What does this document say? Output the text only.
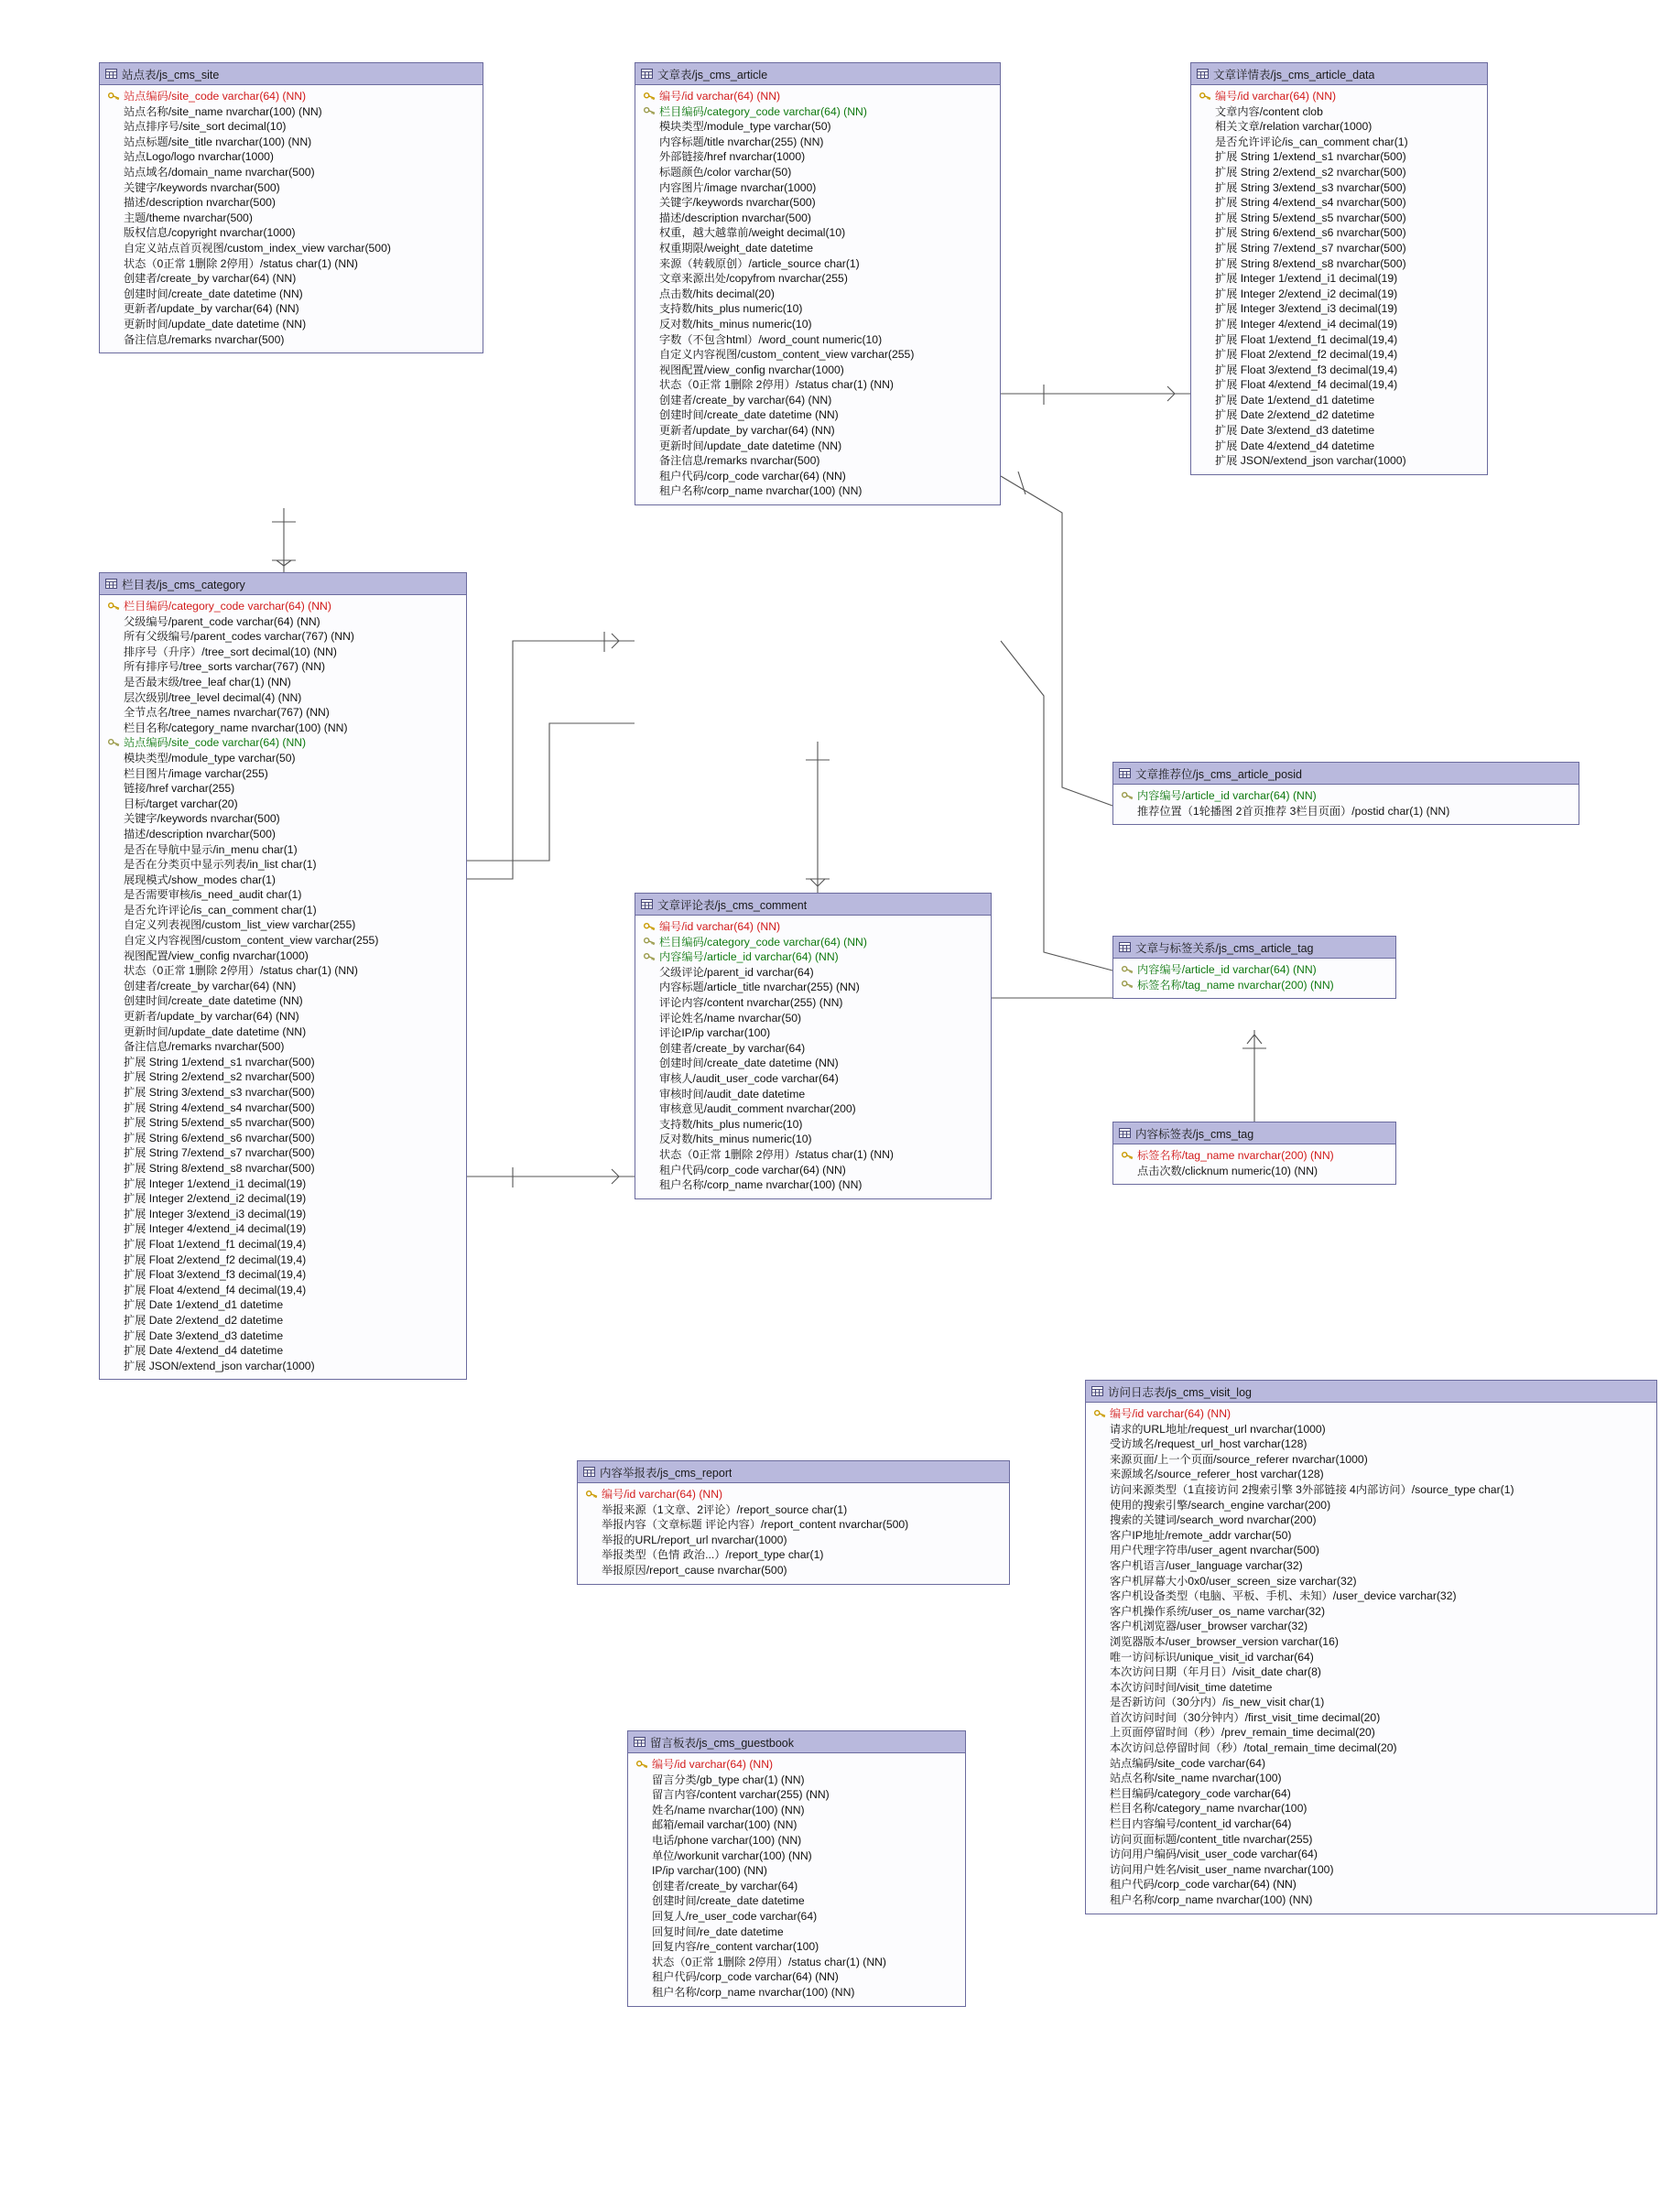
站点表/js_cms_site
站点编码/site_code varchar(64) (NN)
站点名称/site_name nvarchar(100) (NN)
站点排序号/site_sort decimal(10)
站点标题/site_title nvarchar(100) (NN)
站点Logo/logo nvarchar(1000)
站点域名/domain_name nvarchar(500)
关键字/keywords nvarchar(500)
描述/description nvarchar(500)
主题/theme nvarchar(500)
版权信息/copyright nvarchar(1000)
自定义站点首页视图/custom_index_view varchar(500)
状态（0正常 1删除 2停用）/status char(1) (NN)
创建者/create_by varchar(64) (NN)
创建时间/create_date datetime (NN)
更新者/update_by varchar(64) (NN)
更新时间/update_date datetime (NN)
备注信息/remarks nvarchar(500)
栏目表/js_cms_category
栏目编码/category_code varchar(64) (NN)
父级编号/parent_code varchar(64) (NN)
所有父级编号/parent_codes varchar(767) (NN)
排序号（升序）/tree_sort decimal(10) (NN)
所有排序号/tree_sorts varchar(767) (NN)
是否最末级/tree_leaf char(1) (NN)
层次级别/tree_level decimal(4) (NN)
全节点名/tree_names nvarchar(767) (NN)
栏目名称/category_name nvarchar(100) (NN)
站点编码/site_code varchar(64) (NN)
模块类型/module_type varchar(50)
栏目图片/image varchar(255)
链接/href varchar(255)
目标/target varchar(20)
关键字/keywords nvarchar(500)
描述/description nvarchar(500)
是否在导航中显示/in_menu char(1)
是否在分类页中显示列表/in_list char(1)
展现模式/show_modes char(1)
是否需要审核/is_need_audit char(1)
是否允许评论/is_can_comment char(1)
自定义列表视图/custom_list_view varchar(255)
自定义内容视图/custom_content_view varchar(255)
视图配置/view_config nvarchar(1000)
状态（0正常 1删除 2停用）/status char(1) (NN)
创建者/create_by varchar(64) (NN)
创建时间/create_date datetime (NN)
更新者/update_by varchar(64) (NN)
更新时间/update_date datetime (NN)
备注信息/remarks nvarchar(500)
扩展 String 1/extend_s1 nvarchar(500)
扩展 String 2/extend_s2 nvarchar(500)
扩展 String 3/extend_s3 nvarchar(500)
扩展 String 4/extend_s4 nvarchar(500)
扩展 String 5/extend_s5 nvarchar(500)
扩展 String 6/extend_s6 nvarchar(500)
扩展 String 7/extend_s7 nvarchar(500)
扩展 String 8/extend_s8 nvarchar(500)
扩展 Integer 1/extend_i1 decimal(19)
扩展 Integer 2/extend_i2 decimal(19)
扩展 Integer 3/extend_i3 decimal(19)
扩展 Integer 4/extend_i4 decimal(19)
扩展 Float 1/extend_f1 decimal(19,4)
扩展 Float 2/extend_f2 decimal(19,4)
扩展 Float 3/extend_f3 decimal(19,4)
扩展 Float 4/extend_f4 decimal(19,4)
扩展 Date 1/extend_d1 datetime
扩展 Date 2/extend_d2 datetime
扩展 Date 3/extend_d3 datetime
扩展 Date 4/extend_d4 datetime
扩展 JSON/extend_json varchar(1000)
文章表/js_cms_article
编号/id varchar(64) (NN)
栏目编码/category_code varchar(64) (NN)
模块类型/module_type varchar(50)
内容标题/title nvarchar(255) (NN)
外部链接/href nvarchar(1000)
标题颜色/color varchar(50)
内容图片/image nvarchar(1000)
关键字/keywords nvarchar(500)
描述/description nvarchar(500)
权重，越大越靠前/weight decimal(10)
权重期限/weight_date datetime
来源（转载原创）/article_source char(1)
文章来源出处/copyfrom nvarchar(255)
点击数/hits decimal(20)
支持数/hits_plus numeric(10)
反对数/hits_minus numeric(10)
字数（不包含html）/word_count numeric(10)
自定义内容视图/custom_content_view varchar(255)
视图配置/view_config nvarchar(1000)
状态（0正常 1删除 2停用）/status char(1) (NN)
创建者/create_by varchar(64) (NN)
创建时间/create_date datetime (NN)
更新者/update_by varchar(64) (NN)
更新时间/update_date datetime (NN)
备注信息/remarks nvarchar(500)
租户代码/corp_code varchar(64) (NN)
租户名称/corp_name nvarchar(100) (NN)
文章详情表/js_cms_article_data
编号/id varchar(64) (NN)
文章内容/content clob
相关文章/relation varchar(1000)
是否允许评论/is_can_comment char(1)
扩展 String 1/extend_s1 nvarchar(500)
扩展 String 2/extend_s2 nvarchar(500)
扩展 String 3/extend_s3 nvarchar(500)
扩展 String 4/extend_s4 nvarchar(500)
扩展 String 5/extend_s5 nvarchar(500)
扩展 String 6/extend_s6 nvarchar(500)
扩展 String 7/extend_s7 nvarchar(500)
扩展 String 8/extend_s8 nvarchar(500)
扩展 Integer 1/extend_i1 decimal(19)
扩展 Integer 2/extend_i2 decimal(19)
扩展 Integer 3/extend_i3 decimal(19)
扩展 Integer 4/extend_i4 decimal(19)
扩展 Float 1/extend_f1 decimal(19,4)
扩展 Float 2/extend_f2 decimal(19,4)
扩展 Float 3/extend_f3 decimal(19,4)
扩展 Float 4/extend_f4 decimal(19,4)
扩展 Date 1/extend_d1 datetime
扩展 Date 2/extend_d2 datetime
扩展 Date 3/extend_d3 datetime
扩展 Date 4/extend_d4 datetime
扩展 JSON/extend_json varchar(1000)
文章推荐位/js_cms_article_posid
内容编号/article_id varchar(64) (NN)
推荐位置（1轮播图 2首页推荐 3栏目页面）/postid char(1) (NN)
文章与标签关系/js_cms_article_tag
内容编号/article_id varchar(64) (NN)
标签名称/tag_name nvarchar(200) (NN)
内容标签表/js_cms_tag
标签名称/tag_name nvarchar(200) (NN)
点击次数/clicknum numeric(10) (NN)
文章评论表/js_cms_comment
编号/id varchar(64) (NN)
栏目编码/category_code varchar(64) (NN)
内容编号/article_id varchar(64) (NN)
父级评论/parent_id varchar(64)
内容标题/article_title nvarchar(255) (NN)
评论内容/content nvarchar(255) (NN)
评论姓名/name nvarchar(50)
评论IP/ip varchar(100)
创建者/create_by varchar(64)
创建时间/create_date datetime (NN)
审核人/audit_user_code varchar(64)
审核时间/audit_date datetime
审核意见/audit_comment nvarchar(200)
支持数/hits_plus numeric(10)
反对数/hits_minus numeric(10)
状态（0正常 1删除 2停用）/status char(1) (NN)
租户代码/corp_code varchar(64) (NN)
租户名称/corp_name nvarchar(100) (NN)
内容举报表/js_cms_report
编号/id varchar(64) (NN)
举报来源（1文章、2评论）/report_source char(1)
举报内容（文章标题 评论内容）/report_content nvarchar(500)
举报的URL/report_url nvarchar(1000)
举报类型（色情 政治...）/report_type char(1)
举报原因/report_cause nvarchar(500)
留言板表/js_cms_guestbook
编号/id varchar(64) (NN)
留言分类/gb_type char(1) (NN)
留言内容/content varchar(255) (NN)
姓名/name nvarchar(100) (NN)
邮箱/email varchar(100) (NN)
电话/phone varchar(100) (NN)
单位/workunit varchar(100) (NN)
IP/ip varchar(100) (NN)
创建者/create_by varchar(64)
创建时间/create_date datetime
回复人/re_user_code varchar(64)
回复时间/re_date datetime
回复内容/re_content varchar(100)
状态（0正常 1删除 2停用）/status char(1) (NN)
租户代码/corp_code varchar(64) (NN)
租户名称/corp_name nvarchar(100) (NN)
访问日志表/js_cms_visit_log
编号/id varchar(64) (NN)
请求的URL地址/request_url nvarchar(1000)
受访域名/request_url_host varchar(128)
来源页面/上一个页面/source_referer nvarchar(1000)
来源域名/source_referer_host varchar(128)
访问来源类型（1直接访问 2搜索引擎 3外部链接 4内部访问）/source_type char(1)
使用的搜索引擎/search_engine varchar(200)
搜索的关键词/search_word nvarchar(200)
客户IP地址/remote_addr varchar(50)
用户代理字符串/user_agent nvarchar(500)
客户机语言/user_language varchar(32)
客户机屏幕大小0x0/user_screen_size varchar(32)
客户机设备类型（电脑、平板、手机、未知）/user_device varchar(32)
客户机操作系统/user_os_name varchar(32)
客户机浏览器/user_browser varchar(32)
浏览器版本/user_browser_version varchar(16)
唯一访问标识/unique_visit_id varchar(64)
本次访问日期（年月日）/visit_date char(8)
本次访问时间/visit_time datetime
是否新访问（30分内）/is_new_visit char(1)
首次访问时间（30分钟内）/first_visit_time decimal(20)
上页面停留时间（秒）/prev_remain_time decimal(20)
本次访问总停留时间（秒）/total_remain_time decimal(20)
站点编码/site_code varchar(64)
站点名称/site_name nvarchar(100)
栏目编码/category_code varchar(64)
栏目名称/category_name nvarchar(100)
栏目内容编号/content_id varchar(64)
访问页面标题/content_title nvarchar(255)
访问用户编码/visit_user_code varchar(64)
访问用户姓名/visit_user_name nvarchar(100)
租户代码/corp_code varchar(64) (NN)
租户名称/corp_name nvarchar(100) (NN)
